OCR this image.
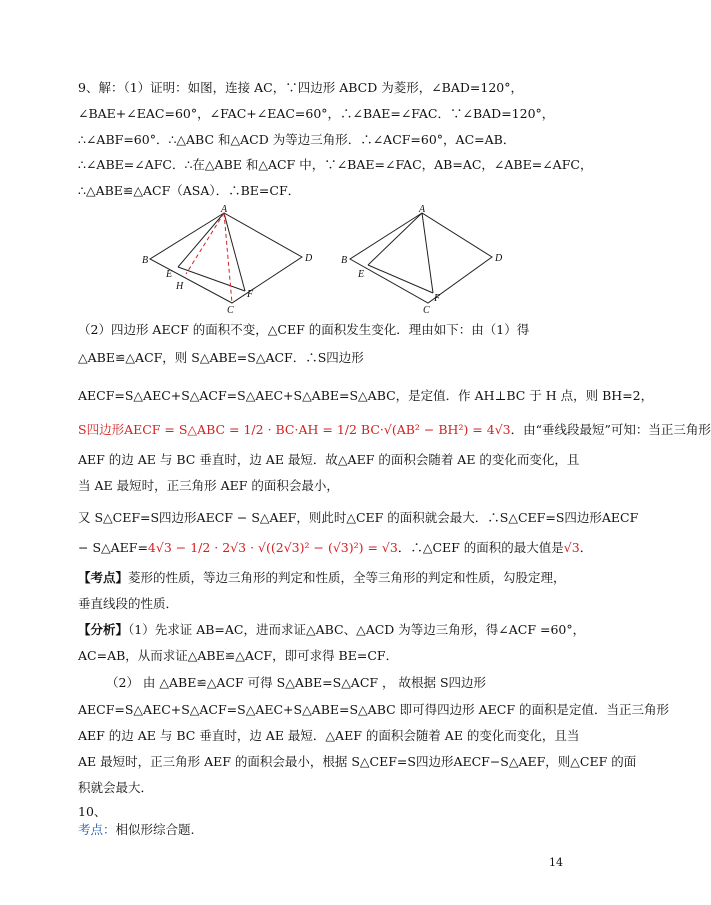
9、解：（1）证明：如图，连接 AC，∵四边形 ABCD 为菱形，∠BAD=120°，
∠BAE+∠EAC=60°，∠FAC+∠EAC=60°，∴∠BAE=∠FAC．∵∠BAD=120°，
∴∠ABF=60°．∴△ABC 和△ACD 为等边三角形．∴∠ACF=60°，AC=AB．
∴∠ABE=∠AFC．∴在△ABE 和△ACF 中，∵∠BAE=∠FAC，AB=AC，∠ABE=∠AFC，
∴△ABE≌△ACF（ASA）．∴BE=CF．
A
B
C
D
E
F
H
A
B
C
D
E
F
（2）四边形 AECF 的面积不变，△CEF 的面积发生变化．理由如下：由（1）得
△ABE≌△ACF，则 S△ABE=S△ACF．∴S四边形
AECF=S△AEC+S△ACF=S△AEC+S△ABE=S△ABC，是定值．作 AH⊥BC 于 H 点，则 BH=2，
S四边形AECF = S△ABC = 1/2 · BC·AH = 1/2 BC·√(AB² − BH²) = 4√3．由“垂线段最短”可知：当正三角形
AEF 的边 AE 与 BC 垂直时，边 AE 最短．故△AEF 的面积会随着 AE 的变化而变化，且
当 AE 最短时，正三角形 AEF 的面积会最小，
又 S△CEF=S四边形AECF − S△AEF，则此时△CEF 的面积就会最大．∴S△CEF=S四边形AECF
− S△AEF=4√3 − 1/2 · 2√3 · √((2√3)² − (√3)²) = √3．∴△CEF 的面积的最大值是√3．
【考点】菱形的性质，等边三角形的判定和性质，全等三角形的判定和性质，勾股定理，
垂直线段的性质．
【分析】（1）先求证 AB=AC，进而求证△ABC、△ACD 为等边三角形，得∠ACF =60°，
AC=AB，从而求证△ABE≌△ACF，即可求得 BE=CF．
（2） 由 △ABE≌△ACF 可得 S△ABE=S△ACF ， 故根据 S四边形
AECF=S△AEC+S△ACF=S△AEC+S△ABE=S△ABC 即可得四边形 AECF 的面积是定值．当正三角形
AEF 的边 AE 与 BC 垂直时，边 AE 最短．△AEF 的面积会随着 AE 的变化而变化，且当
AE 最短时，正三角形 AEF 的面积会最小，根据 S△CEF=S四边形AECF−S△AEF，则△CEF 的面
积就会最大．
10、
考点：相似形综合题.
14
